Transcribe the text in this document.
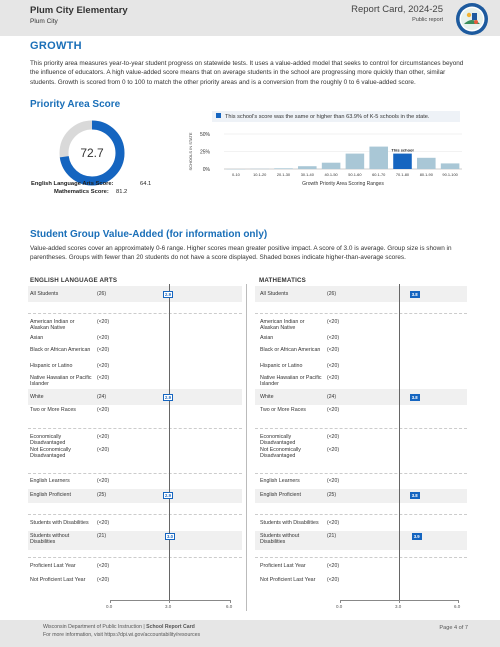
Plum City Elementary
Plum City
Report Card, 2024-25
Public report
GROWTH
This priority area measures year-to-year student progress on statewide tests. It uses a value-added model that seeks to control for circumstances beyond the influence of educators. A high value-added score means that on average students in the school are progressing more quickly than other, similar students. Growth is scored from 0 to 100 to match the other priority areas and is a conversion from the roughly 0 to 6 value-added score.
Priority Area Score
72.7
English Language Arts Score:	64.1
Mathematics Score: 81.2
This school's score was the same or higher than 63.9% of K-5 schools in the state.
SCHOOLS IN STATE 50%
25%
0%
0-10	10.1-20	20.1-30	30.1-40	40.1-50	50.1-60	60.1-70	70.1-80
This school
80.1-90 90.1-100
Growth Priority Area Scoring Ranges
Student Group Value-Added (for information only)
Value-added scores cover an approximately 0-6 range. Higher scores mean greater positive impact. A score of 3.0 is average. Group size is shown in parentheses. Groups with fewer than 20 students do not have a score displayed. Shaded boxes indicate higher-than-average scores.
ENGLISH LANGUAGE ARTS	MATHEMATICS
0.0	3.0	6.0
All Students	(26)	2.9
American Indian or Alaskan Native
(<20)
Asian	(<20)
Black or African American	(<20)
Hispanic or Latino	(<20)
Native Hawaiian or Pacific Islander
(<20)
White	(24)	2.9
Two or More Races	(<20)
Economically Disadvantaged
(<20)
Not Economically Disadvantaged
(<20)
English Learners	(<20)
English Proficient	(25)	2.9
Students with Disabilities	(<20)
Students without Disabilities
(21)	3.0
Proficient Last Year	(<20)
Not Proficient Last Year	(<20)
0.0	3.0	6.0
All Students	(26)	3.8
American Indian or Alaskan Native
(<20)
Asian	(<20)
Black or African American	(<20)
Hispanic or Latino	(<20)
Native Hawaiian or Pacific Islander
(<20)
White	(24)	3.8
Two or More Races	(<20)
Economically Disadvantaged
(<20)
Not Economically Disadvantaged
(<20)
English Learners	(<20)
English Proficient	(25)	3.8
Students with Disabilities	(<20)
Students without Disabilities
(21)	3.9
Proficient Last Year	(<20)
Not Proficient Last Year	(<20)
Wisconsin Department of Public Instruction | School Report Card
For more information, visit https://dpi.wi.gov/accountability/resources
Page 4 of 7
